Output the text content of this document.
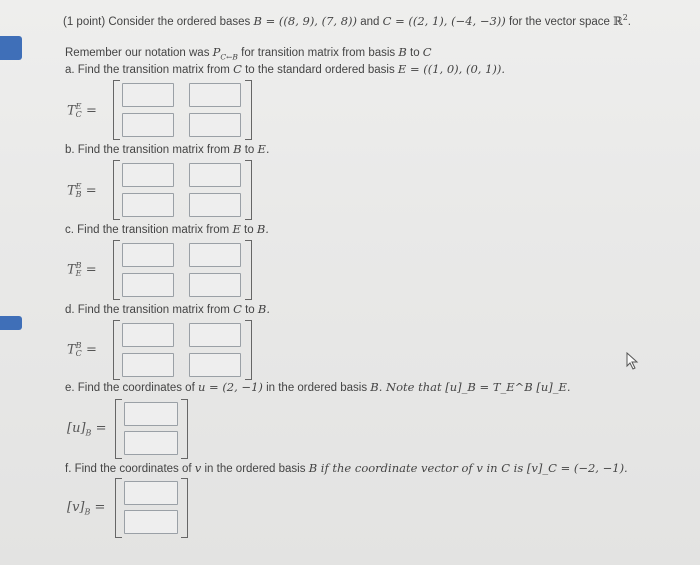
(1 point) Consider the ordered bases B = ((8, 9), (7, 8)) and C = ((2, 1), (−4, −3)) for the vector space ℝ$^2$.
Remember our notation was $P_{C\leftarrow B}$ for transition matrix from basis B to C
a. Find the transition matrix from C to the standard ordered basis E = ((1, 0), (0, 1)).
T E
C =
b. Find the transition matrix from B to E.
T E
B =
c. Find the transition matrix from E to B.
T B
E =
d. Find the transition matrix from C to B.
T B
C =
e. Find the coordinates of u = (2, −1) in the ordered basis B. Note that [u]_B = T_E^B [u]_E.
$[u]_B$ =
f. Find the coordinates of v in the ordered basis B if the coordinate vector of v in C is [v]_C = (−2, −1).
$[v]_B$ =
